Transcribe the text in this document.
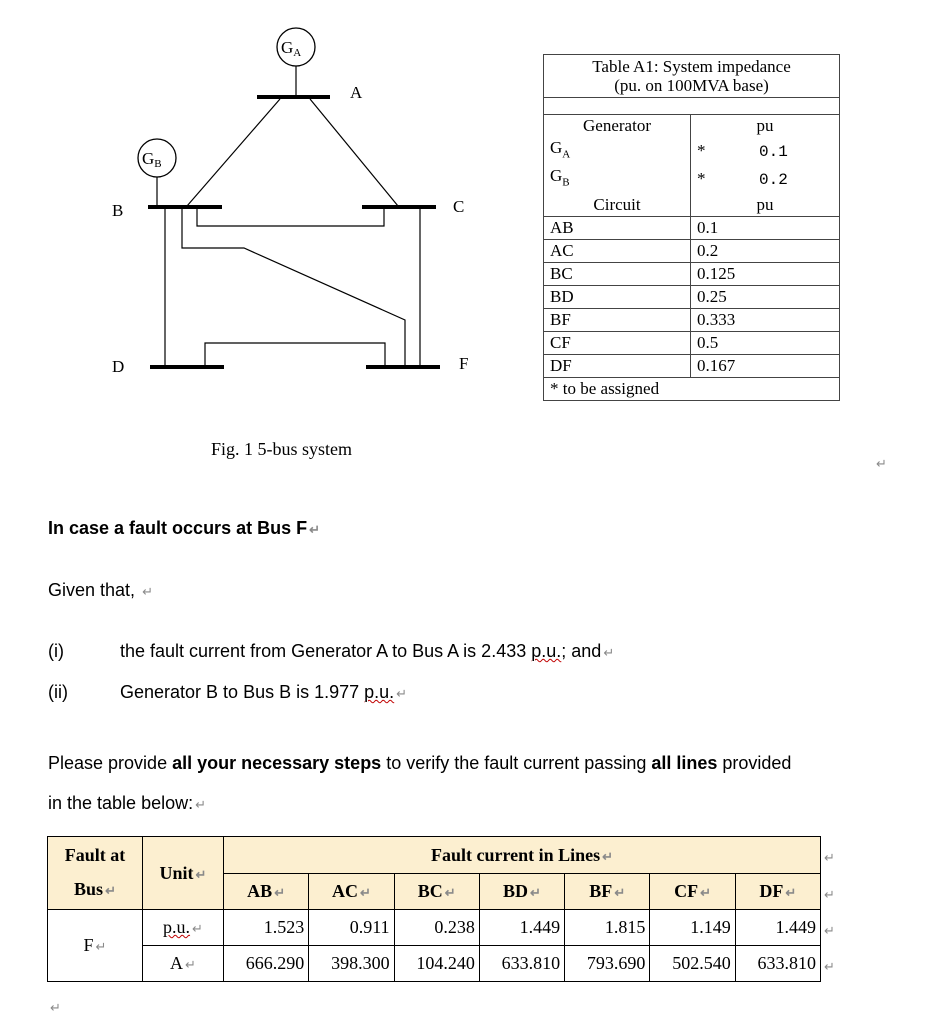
GA
A
GB
B	C
D	F
Fig. 1 5-bus system
Table A1: System impedance
(pu. on 100MVA base)	

Generator	pu
$G_A$	* 0.1
$G_B$	* 0.2
Circuit	pu
AB	0.1
AC	0.2
BC	0.125
BD	0.25
BF	0.333
CF	0.5
DF	0.167
* to be assigned	
↵
In case a fault occurs at Bus F ↵
Given that, ↵
(i)	the fault current from Generator A to Bus A is 2.433 p.u.; and ↵
(ii)	Generator B to Bus B is 1.977 p.u. ↵
Please provide all your necessary steps to verify the fault current passing all lines provided
in the table below: ↵
Fault at
Bus ↵	Unit ↵	Fault current in Lines ↵						
		AB ↵	AC ↵	BC ↵	BD ↵	BF ↵	CF ↵	DF ↵
F ↵	p.u. ↵	1.523	0.911	0.238	1.449	1.815	1.149	1.449
	A ↵	666.290	398.300	104.240	633.810	793.690	502.540	633.810
↵
↵
↵
↵
↵
